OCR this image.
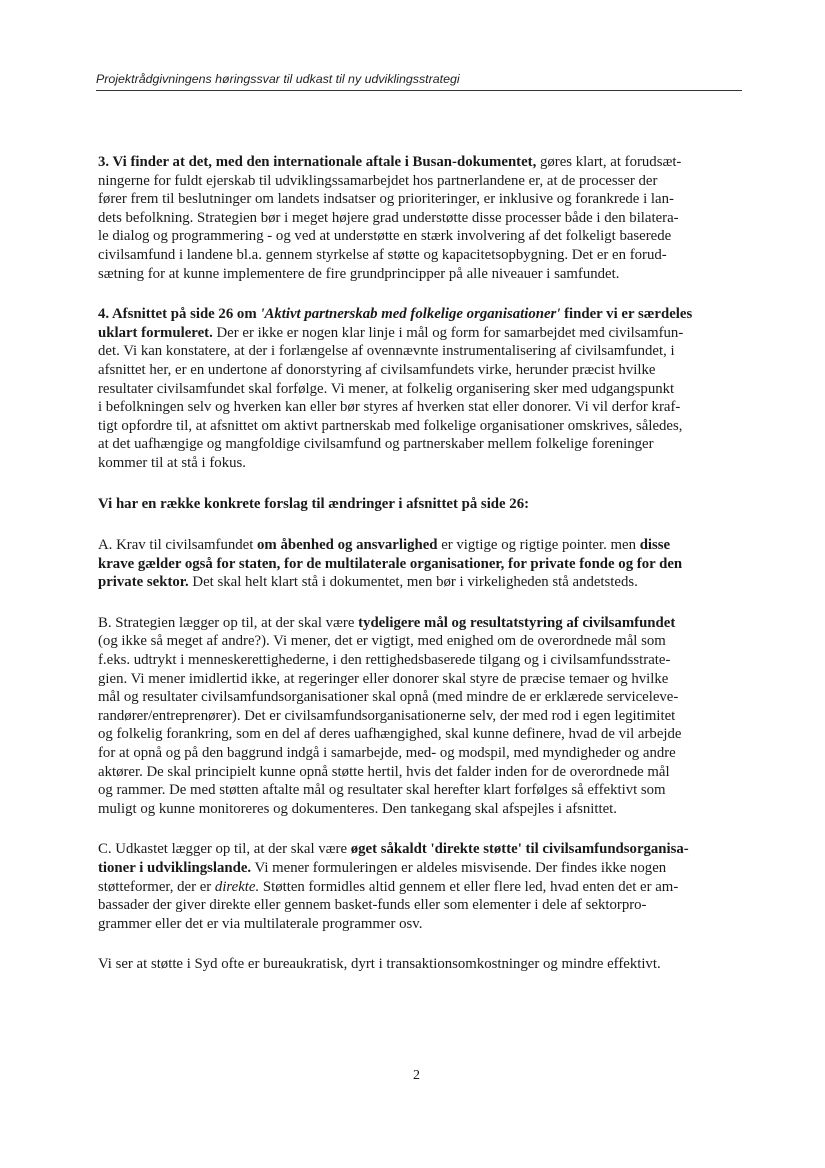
Projektrådgivningens høringssvar til udkast til ny udviklingsstrategi
3. Vi finder at det, med den internationale aftale i Busan-dokumentet, gøres klart, at forudsæt-
ningerne for fuldt ejerskab til udviklingssamarbejdet hos partnerlandene er, at de processer der
fører frem til beslutninger om landets indsatser og prioriteringer, er inklusive og forankrede i lan-
dets befolkning. Strategien bør i meget højere grad understøtte disse processer både i den bilatera-
le dialog og programmering - og ved at understøtte en stærk involvering af det folkeligt baserede
civilsamfund i landene bl.a. gennem styrkelse af støtte og kapacitetsopbygning. Det er en forud-
sætning for at kunne implementere de fire grundprincipper på alle niveauer i samfundet.
4. Afsnittet på side 26 om 'Aktivt partnerskab med folkelige organisationer' finder vi er særdeles
uklart formuleret. Der er ikke er nogen klar linje i mål og form for samarbejdet med civilsamfun-
det. Vi kan konstatere, at der i forlængelse af ovennævnte instrumentalisering af civilsamfundet, i
afsnittet her, er en undertone af donorstyring af civilsamfundets virke, herunder præcist hvilke
resultater civilsamfundet skal forfølge. Vi mener, at folkelig organisering sker med udgangspunkt
i befolkningen selv og hverken kan eller bør styres af hverken stat eller donorer. Vi vil derfor kraf-
tigt opfordre til, at afsnittet om aktivt partnerskab med folkelige organisationer omskrives, således,
at det uafhængige og mangfoldige civilsamfund og partnerskaber mellem folkelige foreninger
kommer til at stå i fokus.
Vi har en række konkrete forslag til ændringer i afsnittet på side 26:
A. Krav til civilsamfundet om åbenhed og ansvarlighed er vigtige og rigtige pointer. men disse
krave gælder også for staten, for de multilaterale organisationer, for private fonde og for den
private sektor. Det skal helt klart stå i dokumentet, men bør i virkeligheden stå andetsteds.
B. Strategien lægger op til, at der skal være tydeligere mål og resultatstyring af civilsamfundet
(og ikke så meget af andre?). Vi mener, det er vigtigt, med enighed om de overordnede mål som
f.eks. udtrykt i menneskerettighederne, i den rettighedsbaserede tilgang og i civilsamfundsstrate-
gien. Vi mener imidlertid ikke, at regeringer eller donorer skal styre de præcise temaer og hvilke
mål og resultater civilsamfundsorganisationer skal opnå (med mindre de er erklærede serviceleve-
randører/entreprenører). Det er civilsamfundsorganisationerne selv, der med rod i egen legitimitet
og folkelig forankring, som en del af deres uafhængighed, skal kunne definere, hvad de vil arbejde
for at opnå og på den baggrund indgå i samarbejde, med- og modspil, med myndigheder og andre
aktører. De skal principielt kunne opnå støtte hertil, hvis det falder inden for de overordnede mål
og rammer. De med støtten aftalte mål og resultater skal herefter klart forfølges så effektivt som
muligt og kunne monitoreres og dokumenteres. Den tankegang skal afspejles i afsnittet.
C. Udkastet lægger op til, at der skal være øget såkaldt 'direkte støtte' til civilsamfundsorganisa-
tioner i udviklingslande. Vi mener formuleringen er aldeles misvisende. Der findes ikke nogen
støtteformer, der er direkte. Støtten formidles altid gennem et eller flere led, hvad enten det er am-
bassader der giver direkte eller gennem basket-funds eller som elementer i dele af sektorpro-
grammer eller det er via multilaterale programmer osv.
Vi ser at støtte i Syd ofte er bureaukratisk, dyrt i transaktionsomkostninger og mindre effektivt.
2
